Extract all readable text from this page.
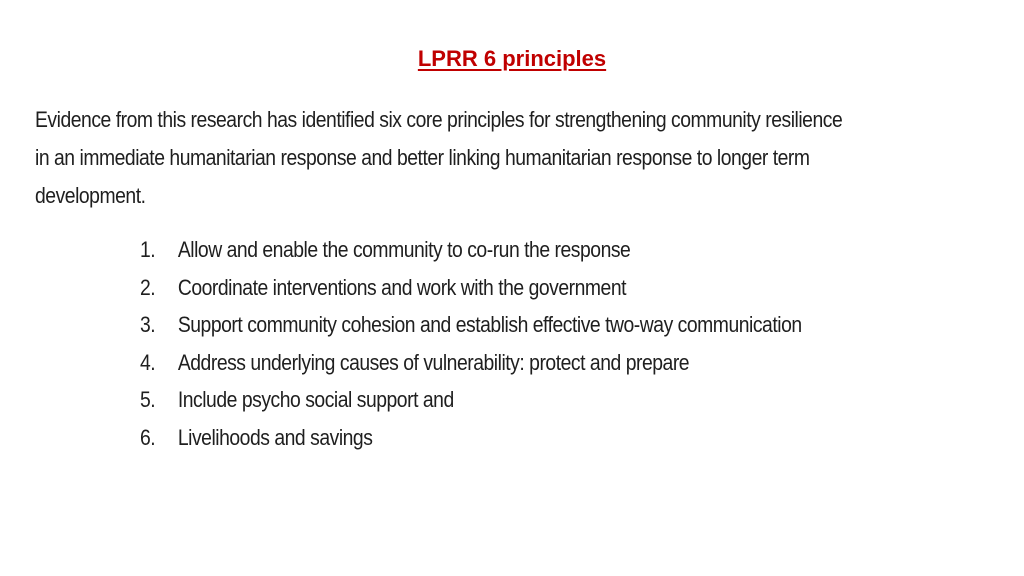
LPRR 6 principles
Evidence from this research has identified six core principles for strengthening community resilience
in an immediate humanitarian response and better linking humanitarian response to longer term
development.
1.	Allow and enable the community to co-run the response
2.	Coordinate interventions and work with the government
3.	Support community cohesion and establish effective two-way communication
4.	Address underlying causes of vulnerability: protect and prepare
5.	Include psycho social support and
6.	Livelihoods and savings
